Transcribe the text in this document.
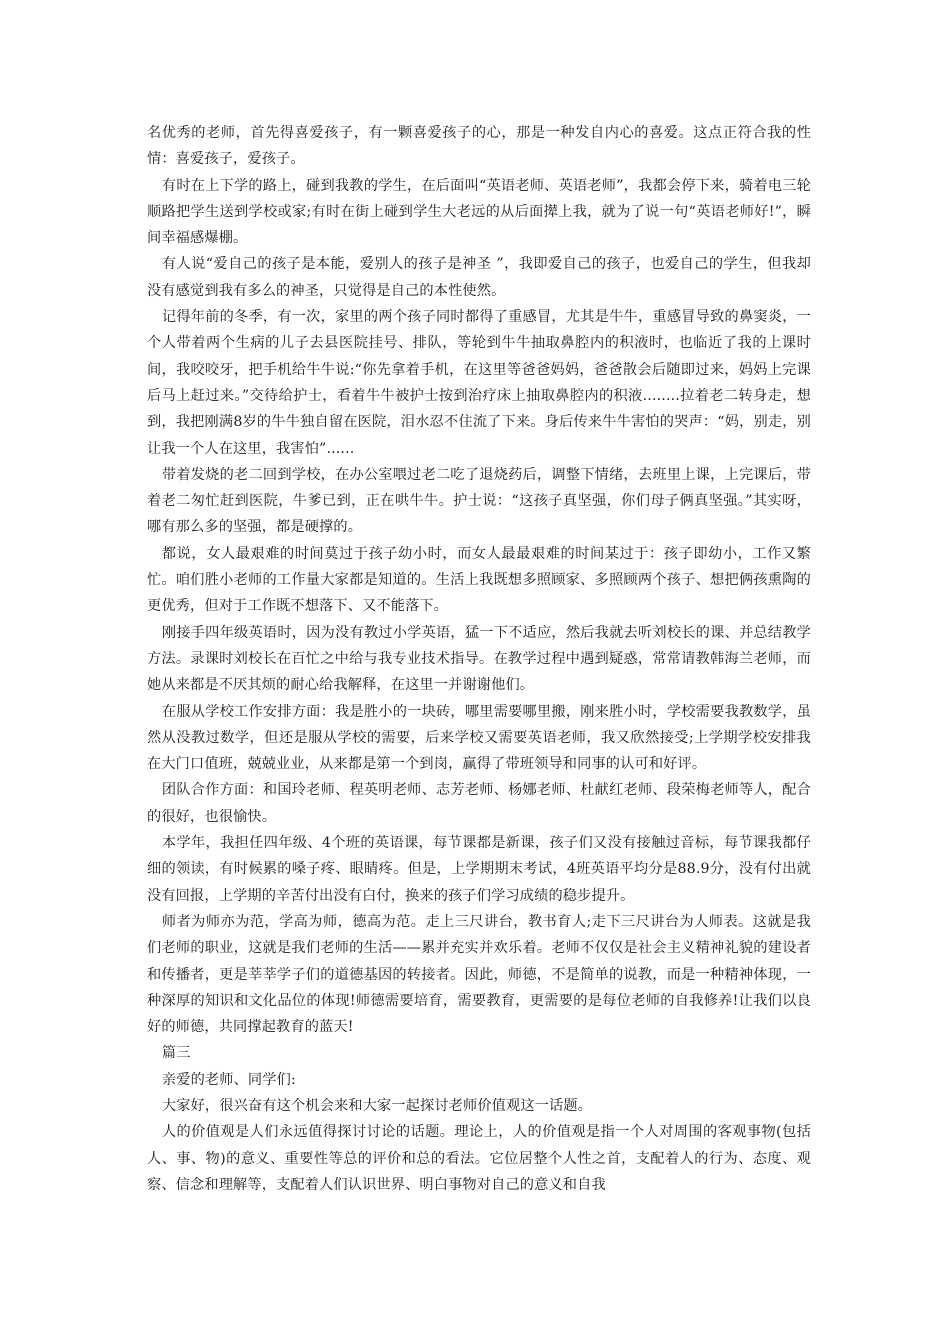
名优秀的老师，首先得喜爱孩子，有一颗喜爱孩子的心，那是一种发自内心的喜爱。这点正符合我的性情：喜爱孩子，爱孩子。

有时在上下学的路上，碰到我教的学生，在后面叫“英语老师、英语老师”，我都会停下来，骑着电三轮顺路把学生送到学校或家;有时在街上碰到学生大老远的从后面撵上我，就为了说一句“英语老师好!”，瞬间幸福感爆棚。

有人说“爱自己的孩子是本能，爱别人的孩子是神圣 ”，我即爱自己的孩子，也爱自己的学生，但我却没有感觉到我有多么的神圣，只觉得是自己的本性使然。

记得年前的冬季，有一次，家里的两个孩子同时都得了重感冒，尤其是牛牛，重感冒导致的鼻窦炎，一个人带着两个生病的儿子去县医院挂号、排队，等轮到牛牛抽取鼻腔内的积液时，也临近了我的上课时间，我咬咬牙，把手机给牛牛说:“你先拿着手机，在这里等爸爸妈妈，爸爸散会后随即过来，妈妈上完课后马上赶过来。”交待给护士，看着牛牛被护士按到治疗床上抽取鼻腔内的积液........拉着老二转身走，想到，我把刚满8岁的牛牛独自留在医院，泪水忍不住流了下来。身后传来牛牛害怕的哭声：“妈，别走，别让我一个人在这里，我害怕”......

带着发烧的老二回到学校，在办公室喂过老二吃了退烧药后，调整下情绪，去班里上课，上完课后，带着老二匆忙赶到医院，牛爹已到，正在哄牛牛。护士说：“这孩子真坚强，你们母子俩真坚强。”其实呀，哪有那么多的坚强，都是硬撑的。

都说，女人最艰难的时间莫过于孩子幼小时，而女人最最艰难的时间某过于：孩子即幼小，工作又繁忙。咱们胜小老师的工作量大家都是知道的。生活上我既想多照顾家、多照顾两个孩子、想把俩孩熏陶的更优秀，但对于工作既不想落下、又不能落下。

刚接手四年级英语时，因为没有教过小学英语，猛一下不适应，然后我就去听刘校长的课、并总结教学方法。录课时刘校长在百忙之中给与我专业技术指导。在教学过程中遇到疑惑，常常请教韩海兰老师，而她从来都是不厌其烦的耐心给我解释，在这里一并谢谢他们。

在服从学校工作安排方面：我是胜小的一块砖，哪里需要哪里搬，刚来胜小时，学校需要我教数学，虽然从没教过数学，但还是服从学校的需要，后来学校又需要英语老师，我又欣然接受;上学期学校安排我在大门口值班，兢兢业业，从来都是第一个到岗，赢得了带班领导和同事的认可和好评。

团队合作方面：和国玲老师、程英明老师、志芳老师、杨娜老师、杜献红老师、段荣梅老师等人，配合的很好，也很愉快。

本学年，我担任四年级、4个班的英语课，每节课都是新课，孩子们又没有接触过音标，每节课我都仔细的领读，有时候累的嗓子疼、眼睛疼。但是，上学期期末考试，4班英语平均分是88.9分，没有付出就没有回报，上学期的辛苦付出没有白付，换来的孩子们学习成绩的稳步提升。

师者为师亦为范，学高为师，德高为范。走上三尺讲台，教书育人;走下三尺讲台为人师表。这就是我们老师的职业，这就是我们老师的生活——累并充实并欢乐着。老师不仅仅是社会主义精神礼貌的建设者和传播者，更是莘莘学子们的道德基因的转接者。因此，师德，不是简单的说教，而是一种精神体现，一种深厚的知识和文化品位的体现!师德需要培育，需要教育，更需要的是每位老师的自我修养!让我们以良好的师德，共同撑起教育的蓝天!

篇三

亲爱的老师、同学们:

大家好，很兴奋有这个机会来和大家一起探讨老师价值观这一话题。

人的价值观是人们永远值得探讨讨论的话题。理论上，人的价值观是指一个人对周围的客观事物(包括人、事、物)的意义、重要性等总的评价和总的看法。它位居整个人性之首，支配着人的行为、态度、观察、信念和理解等，支配着人们认识世界、明白事物对自己的意义和自我
